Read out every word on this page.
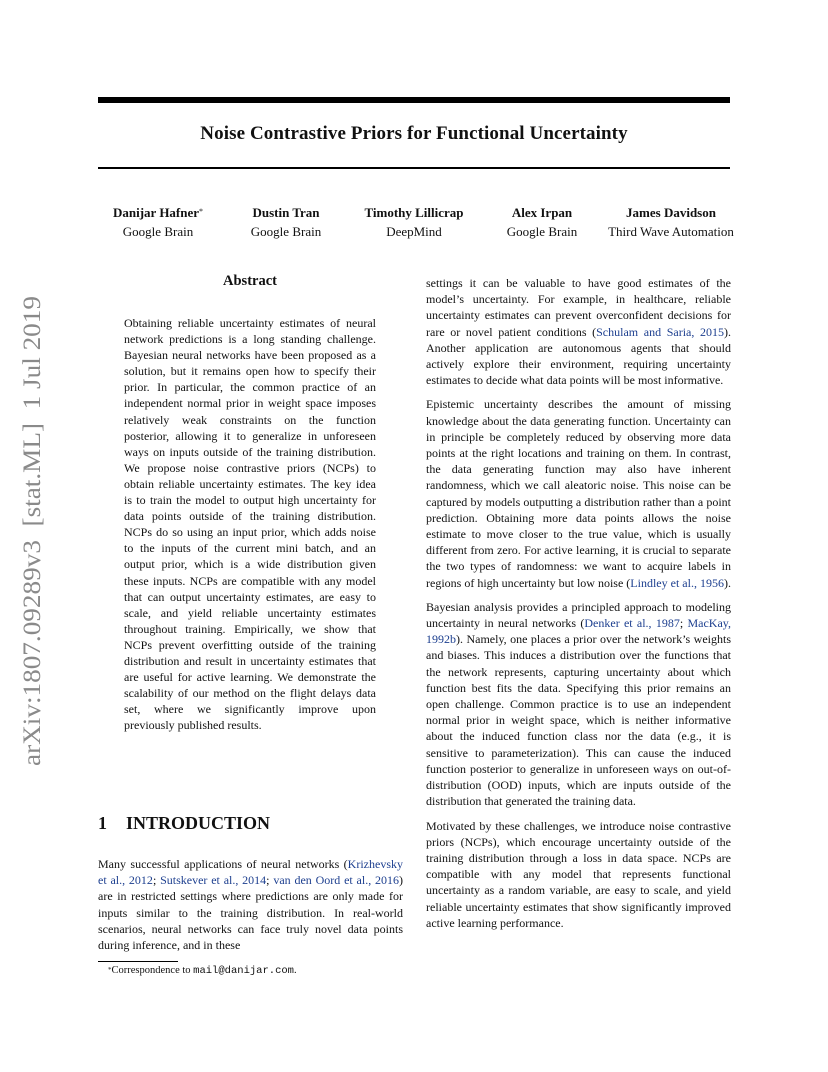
Noise Contrastive Priors for Functional Uncertainty
Danijar Hafner*
Google Brain
Dustin Tran
Google Brain
Timothy Lillicrap
DeepMind
Alex Irpan
Google Brain
James Davidson
Third Wave Automation
arXiv:1807.09289v3  [stat.ML]  1 Jul 2019
Abstract

Obtaining reliable uncertainty estimates of neural network predictions is a long standing challenge. Bayesian neural networks have been proposed as a solution, but it remains open how to specify their prior. In particular, the common practice of an independent normal prior in weight space imposes relatively weak constraints on the function posterior, allowing it to generalize in unforeseen ways on inputs outside of the training distribution. We propose noise contrastive priors (NCPs) to obtain reliable uncertainty estimates. The key idea is to train the model to output high uncertainty for data points outside of the training distribution. NCPs do so using an input prior, which adds noise to the inputs of the current mini batch, and an output prior, which is a wide distribution given these inputs. NCPs are compatible with any model that can output uncertainty estimates, are easy to scale, and yield reliable uncertainty estimates throughout training. Empirically, we show that NCPs prevent overfitting outside of the training distribution and result in uncertainty estimates that are useful for active learning. We demonstrate the scalability of our method on the flight delays data set, where we significantly improve upon previously published results.

1 INTRODUCTION

Many successful applications of neural networks (Krizhevsky et al., 2012; Sutskever et al., 2014; van den Oord et al., 2016) are in restricted settings where predictions are only made for inputs similar to the training distribution. In real-world scenarios, neural networks can face truly novel data points during inference, and in these

*Correspondence to mail@danijar.com.

settings it can be valuable to have good estimates of the model’s uncertainty. For example, in healthcare, reliable uncertainty estimates can prevent overconfident decisions for rare or novel patient conditions (Schulam and Saria, 2015). Another application are autonomous agents that should actively explore their environment, requiring uncertainty estimates to decide what data points will be most informative.

Epistemic uncertainty describes the amount of missing knowledge about the data generating function. Uncertainty can in principle be completely reduced by observing more data points at the right locations and training on them. In contrast, the data generating function may also have inherent randomness, which we call aleatoric noise. This noise can be captured by models outputting a distribution rather than a point prediction. Obtaining more data points allows the noise estimate to move closer to the true value, which is usually different from zero. For active learning, it is crucial to separate the two types of randomness: we want to acquire labels in regions of high uncertainty but low noise (Lindley et al., 1956).

Bayesian analysis provides a principled approach to modeling uncertainty in neural networks (Denker et al., 1987; MacKay, 1992b). Namely, one places a prior over the network’s weights and biases. This induces a distribution over the functions that the network represents, capturing uncertainty about which function best fits the data. Specifying this prior remains an open challenge. Common practice is to use an independent normal prior in weight space, which is neither informative about the induced function class nor the data (e.g., it is sensitive to parameterization). This can cause the induced function posterior to generalize in unforeseen ways on out-of-distribution (OOD) inputs, which are inputs outside of the distribution that generated the training data.

Motivated by these challenges, we introduce noise contrastive priors (NCPs), which encourage uncertainty outside of the training distribution through a loss in data space. NCPs are compatible with any model that represents functional uncertainty as a random variable, are easy to scale, and yield reliable uncertainty estimates that show significantly improved active learning performance.
